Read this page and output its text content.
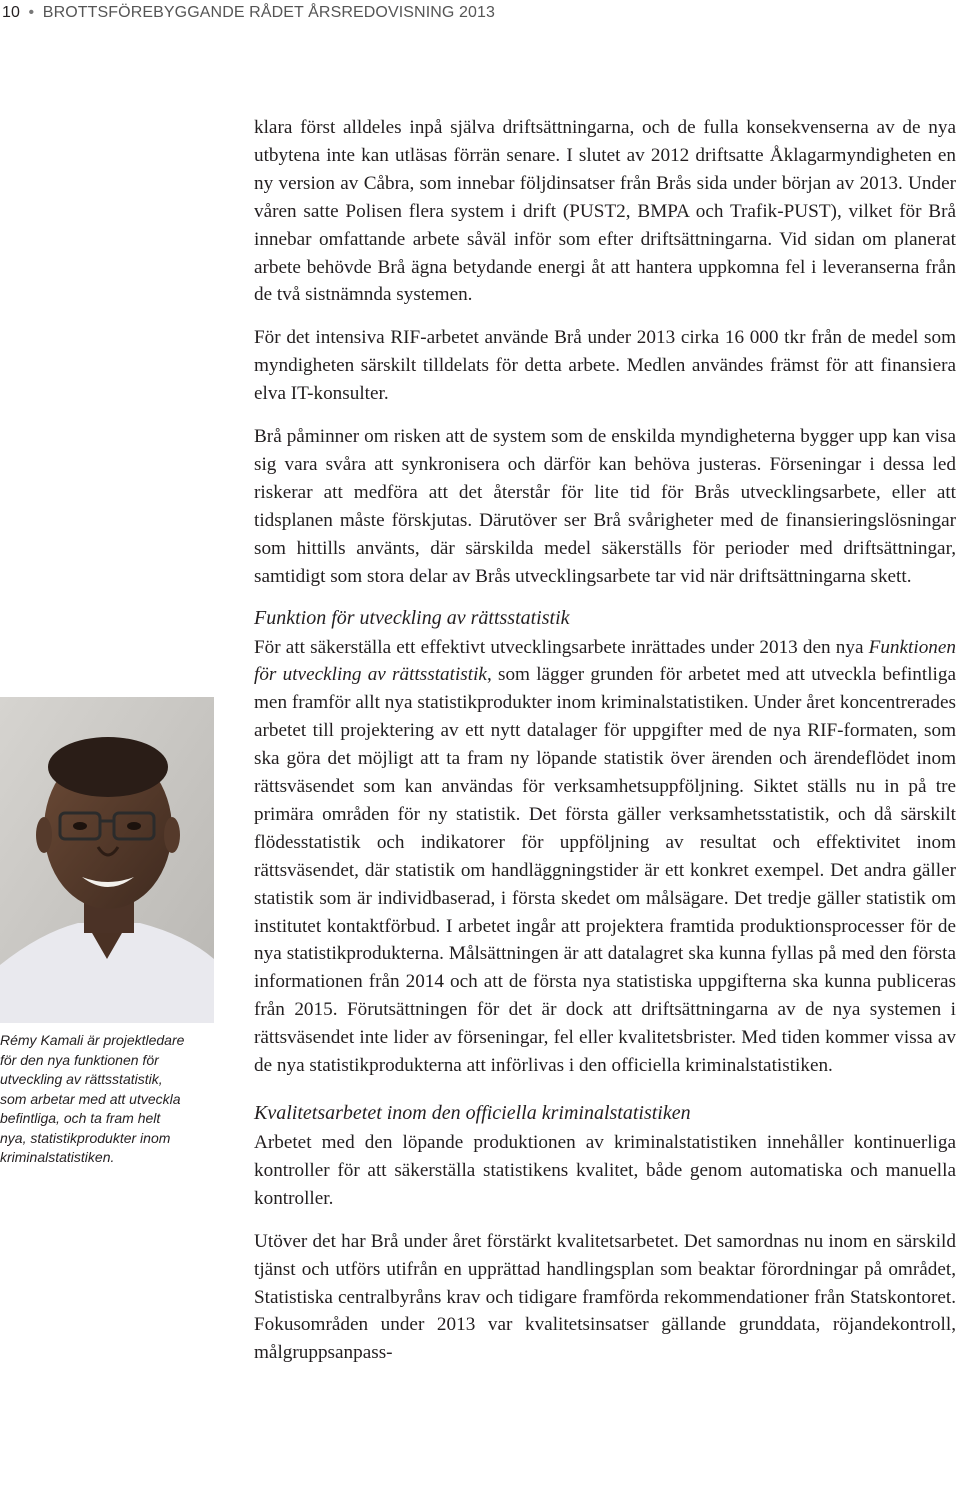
10 • BROTTSFÖREBYGGANDE RÅDET ÅRSREDOVISNING 2013

klara först alldeles inpå själva driftsättningarna, och de fulla konsekvenserna av de nya utbytena inte kan utläsas förrän senare. I slutet av 2012 driftsatte Åklagarmyndigheten en ny version av Cåbra, som innebar följdinsatser från Brås sida under början av 2013. Under våren satte Polisen flera system i drift (PUST2, BMPA och Trafik-PUST), vilket för Brå innebar omfattande arbete såväl inför som efter driftsättningarna. Vid sidan om planerat arbete behövde Brå ägna betydande energi åt att hantera uppkomna fel i leveranserna från de två sistnämnda systemen.

För det intensiva RIF-arbetet använde Brå under 2013 cirka 16 000 tkr från de medel som myndigheten särskilt tilldelats för detta arbete. Medlen användes främst för att finansiera elva IT-konsulter.

Brå påminner om risken att de system som de enskilda myndigheterna bygger upp kan visa sig vara svåra att synkronisera och därför kan behöva justeras. Förseningar i dessa led riskerar att medföra att det återstår för lite tid för Brås utvecklingsarbete, eller att tidsplanen måste förskjutas. Därutöver ser Brå svårigheter med de finansieringslösningar som hittills använts, där särskilda medel säkerställs för perioder med driftsättningar, samtidigt som stora delar av Brås utvecklingsarbete tar vid när driftsättningarna skett.

Funktion för utveckling av rättsstatistik

För att säkerställa ett effektivt utvecklingsarbete inrättades under 2013 den nya Funktionen för utveckling av rättsstatistik, som lägger grunden för arbetet med att utveckla befintliga men framför allt nya statistikprodukter inom kriminalstatistiken. Under året koncentrerades arbetet till projektering av ett nytt datalager för uppgifter med de nya RIF-formaten, som ska göra det möjligt att ta fram ny löpande statistik över ärenden och ärendeflödet inom rättsväsendet som kan användas för verksamhetsuppföljning. Siktet ställs nu in på tre primära områden för ny statistik. Det första gäller verksamhetsstatistik, och då särskilt flödesstatistik och indikatorer för uppföljning av resultat och effektivitet inom rättsväsendet, där statistik om handläggningstider är ett konkret exempel. Det andra gäller statistik som är individbaserad, i första skedet om målsägare. Det tredje gäller statistik om institutet kontaktförbud. I arbetet ingår att projektera framtida produktionsprocesser för de nya statistikprodukterna. Målsättningen är att datalagret ska kunna fyllas på med den första informationen från 2014 och att de första nya statistiska uppgifterna ska kunna publiceras från 2015. Förutsättningen för det är dock att driftsättningarna av de nya systemen i rättsväsendet inte lider av förseningar, fel eller kvalitetsbrister. Med tiden kommer vissa av de nya statistikprodukterna att införlivas i den officiella kriminalstatistiken.

Kvalitetsarbetet inom den officiella kriminalstatistiken

Arbetet med den löpande produktionen av kriminalstatistiken innehåller kontinuerliga kontroller för att säkerställa statistikens kvalitet, både genom automatiska och manuella kontroller.

Utöver det har Brå under året förstärkt kvalitetsarbetet. Det samordnas nu inom en särskild tjänst och utförs utifrån en upprättad handlingsplan som beaktar förordningar på området, Statistiska centralbyråns krav och tidigare framförda rekommendationer från Statskontoret. Fokusområden under 2013 var kvalitetsinsatser gällande grunddata, röjandekontroll, målgruppsanpass-

Rémy Kamali är projektledare
för den nya funktionen för
utveckling av rättsstatistik,
som arbetar med att utveckla
befintliga, och ta fram helt
nya, statistikprodukter inom
kriminalstatistiken.
